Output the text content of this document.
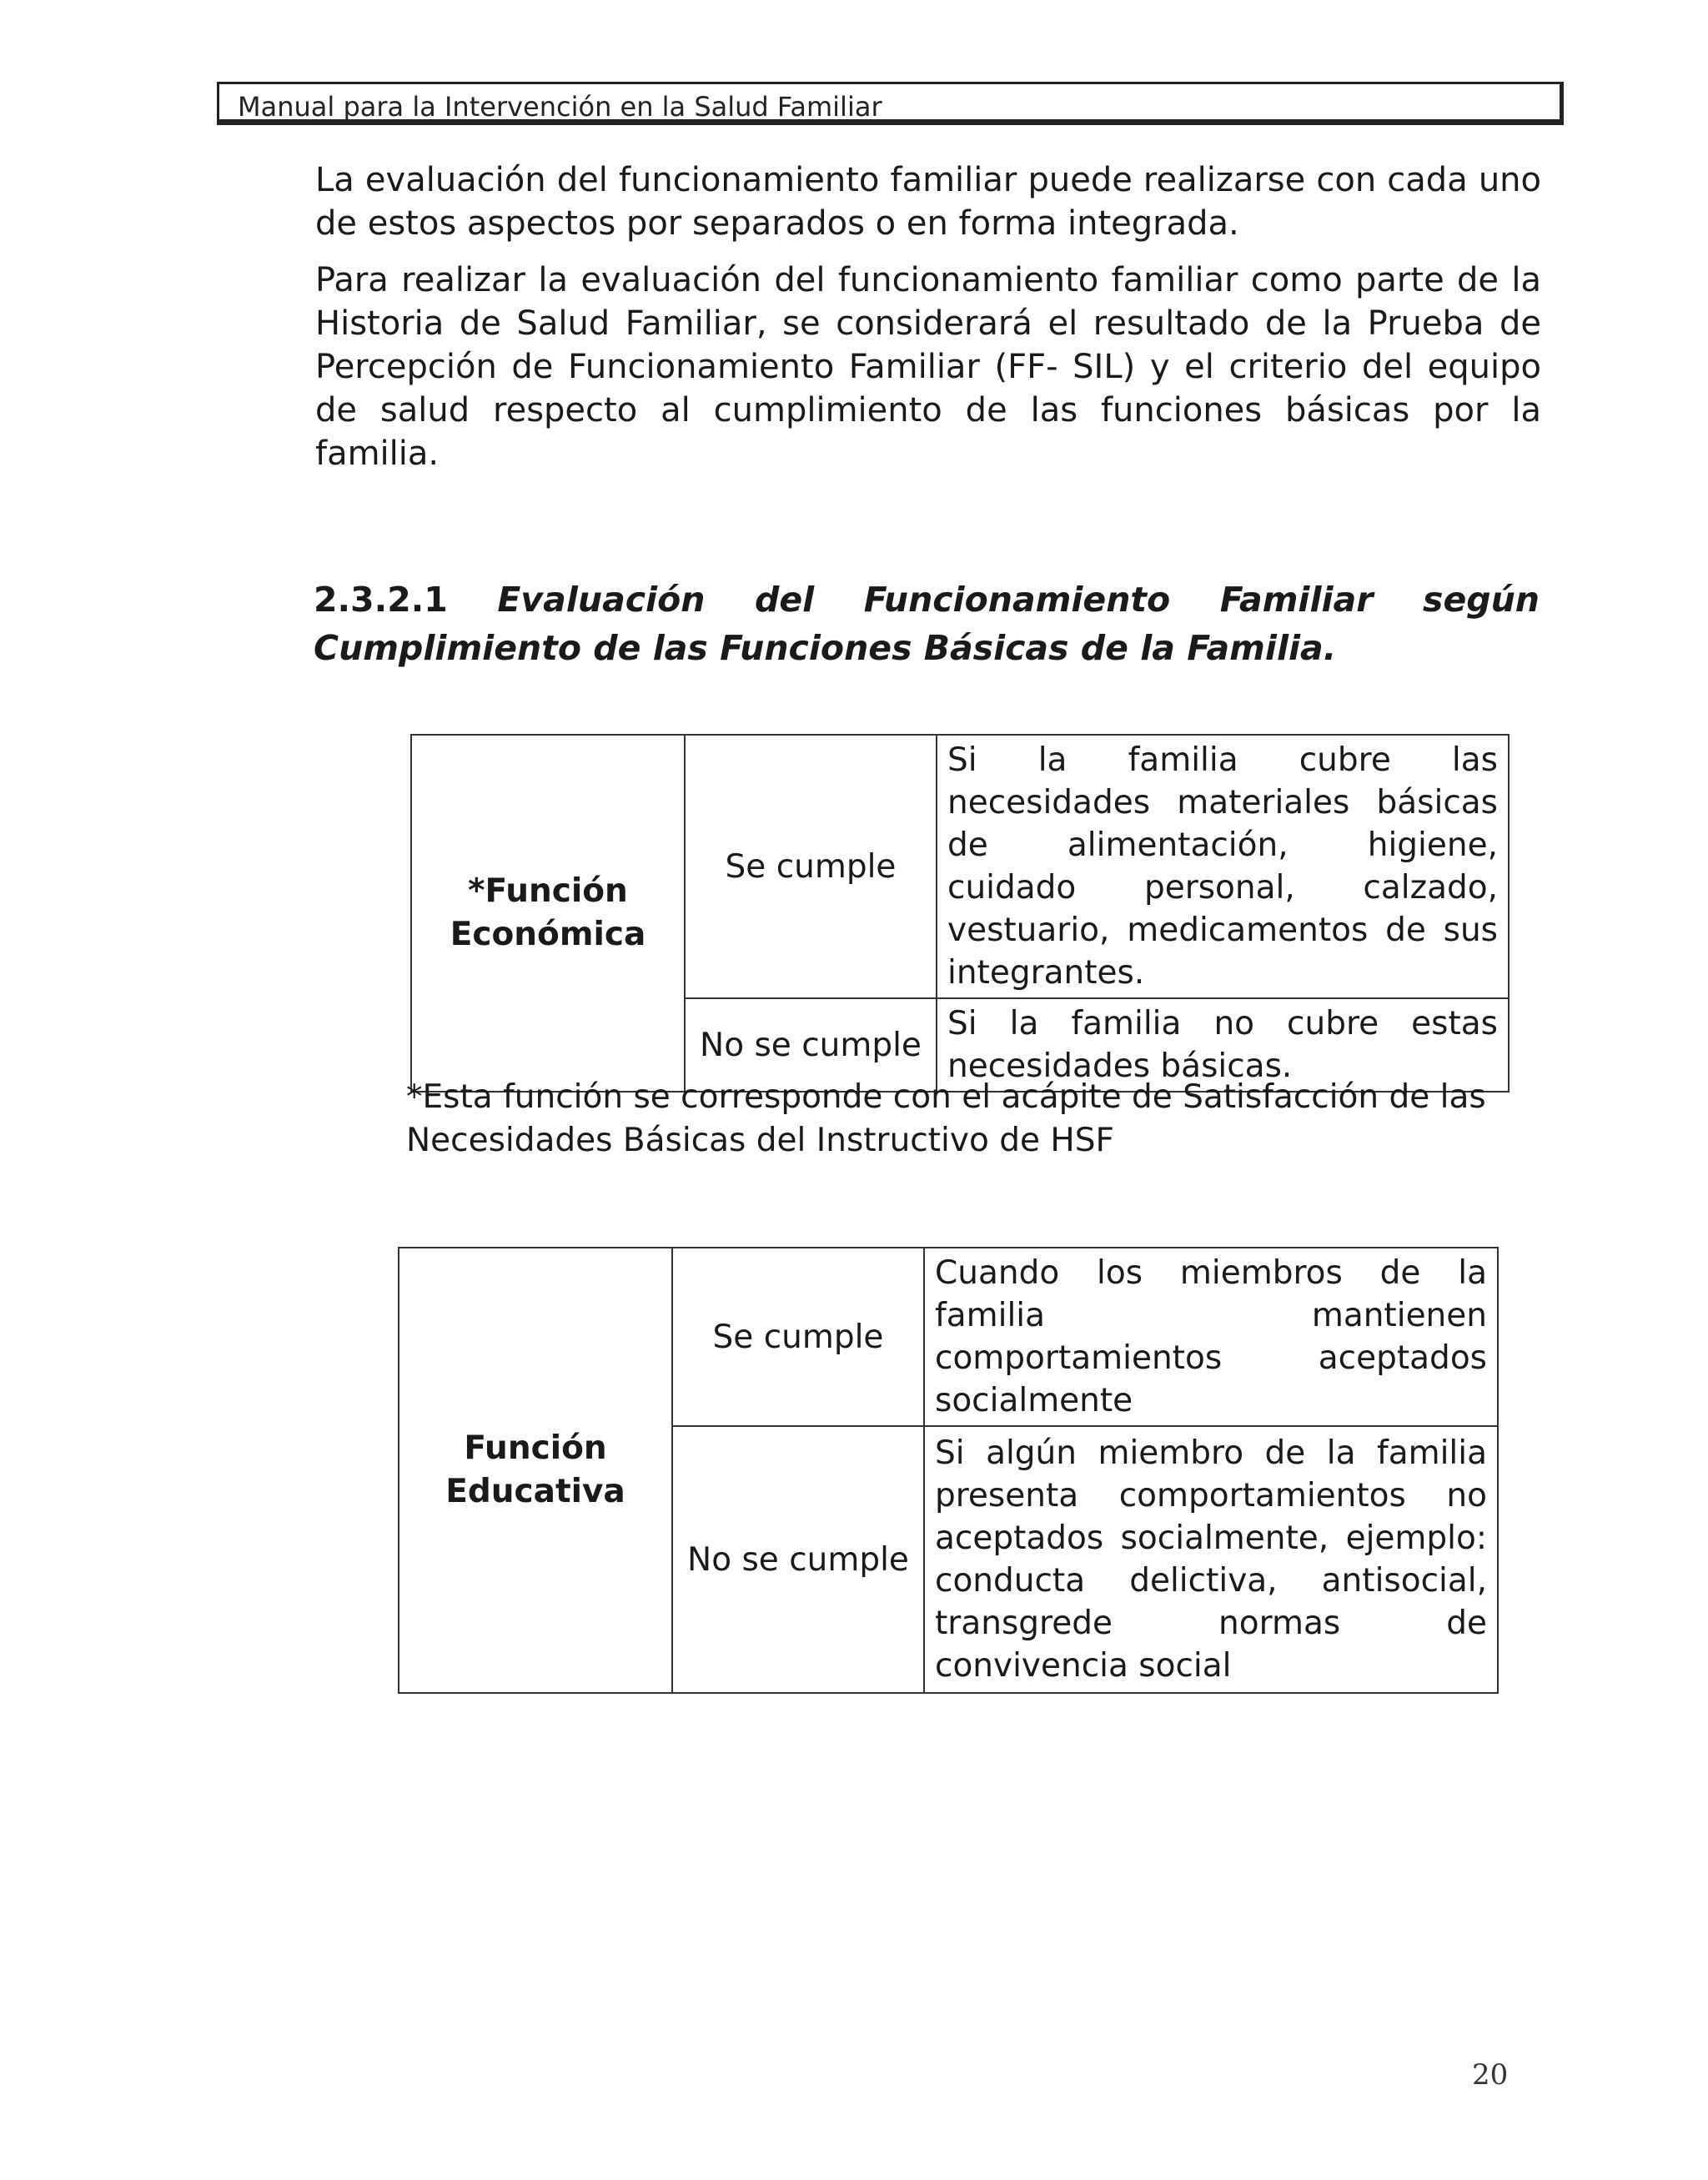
Manual para la Intervención en la Salud Familiar

La evaluación del funcionamiento familiar puede realizarse con cada uno de estos aspectos por separados o en forma integrada.

Para realizar la evaluación del funcionamiento familiar como parte de la Historia de Salud Familiar, se considerará el resultado de la Prueba de Percepción de Funcionamiento Familiar (FF- SIL) y el criterio del equipo de salud respecto al cumplimiento de las funciones básicas por la familia.

2.3.2.1 Evaluación del Funcionamiento Familiar según
Cumplimiento de las Funciones Básicas de la Familia.
*Función
Económica	Se cumple	Si la familia cubre las necesidades materiales básicas de alimentación, higiene, cuidado personal, calzado, vestuario, medicamentos de sus integrantes.
	No se cumple	Si la familia no cubre estas necesidades básicas.

*Esta función se corresponde con el acápite de Satisfacción de las Necesidades Básicas del Instructivo de HSF

Función
Educativa	Se cumple	Cuando los miembros de la familia mantienen comportamientos aceptados socialmente
	No se cumple	Si algún miembro de la familia presenta comportamientos no aceptados socialmente, ejemplo: conducta delictiva, antisocial, transgrede normas de convivencia social
20
